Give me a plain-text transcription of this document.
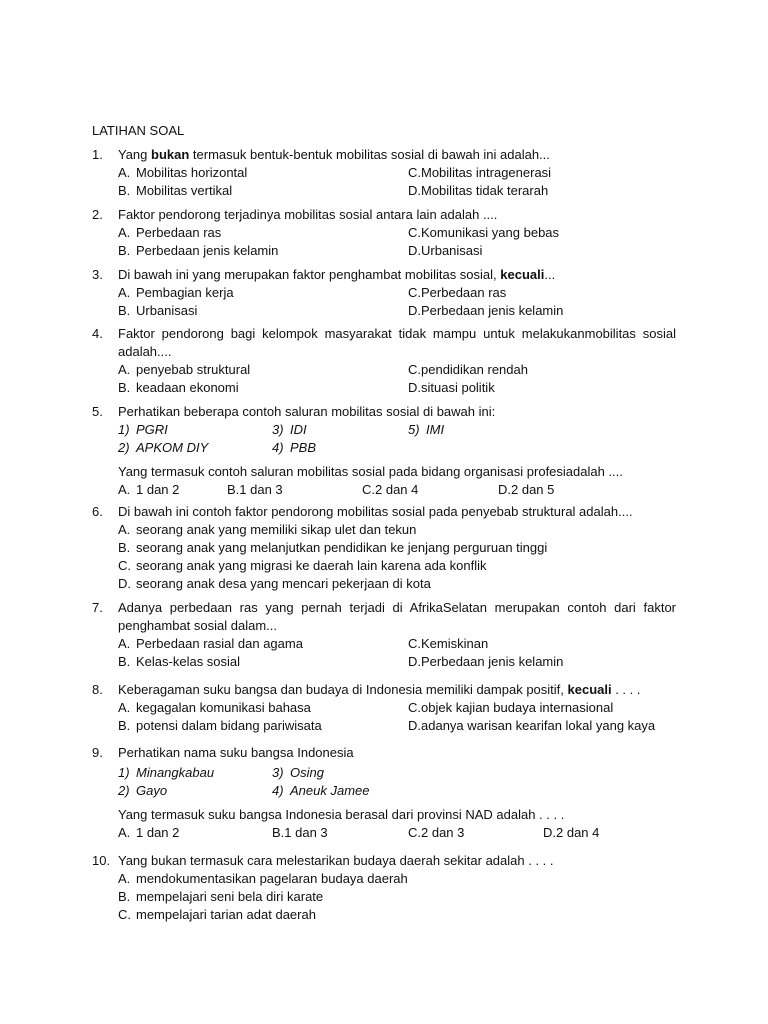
LATIHAN SOAL
1.	Yang bukan termasuk bentuk-bentuk mobilitas sosial di bawah ini adalah...
A. Mobilitas horizontal	C.Mobilitas intragenerasi
B. Mobilitas vertikal	D.Mobilitas tidak terarah
2.	Faktor pendorong terjadinya mobilitas sosial antara lain adalah ....
A. Perbedaan ras	C.Komunikasi yang bebas
B. Perbedaan jenis kelamin	D.Urbanisasi
3.	Di bawah ini yang merupakan faktor penghambat mobilitas sosial, kecuali...
A. Pembagian kerja	C.Perbedaan ras
B. Urbanisasi	D.Perbedaan jenis kelamin
4.	Faktor pendorong bagi kelompok masyarakat tidak mampu untuk melakukanmobilitas sosial adalah....
A. penyebab struktural	C.pendidikan rendah
B. keadaan ekonomi	D.situasi politik
5.	Perhatikan beberapa contoh saluran mobilitas sosial di bawah ini:
1) PGRI	3) IDI	5) IMI
2) APKOM DIY	4) PBB
Yang termasuk contoh saluran mobilitas sosial pada bidang organisasi profesiadalah ....
A. 1 dan 2	B.1 dan 3	C.2 dan 4	D.2 dan 5
6.	Di bawah ini contoh faktor pendorong mobilitas sosial pada penyebab struktural adalah....
A. seorang anak yang memiliki sikap ulet dan tekun
B. seorang anak yang melanjutkan pendidikan ke jenjang perguruan tinggi
C. seorang anak yang migrasi ke daerah lain karena ada konflik
D. seorang anak desa yang mencari pekerjaan di kota
7.	Adanya perbedaan ras yang pernah terjadi di AfrikaSelatan merupakan contoh dari faktor penghambat sosial dalam...
A. Perbedaan rasial dan agama	C.Kemiskinan
B. Kelas-kelas sosial	D.Perbedaan jenis kelamin
8.	Keberagaman suku bangsa dan budaya di Indonesia memiliki dampak positif, kecuali . . . .
A. kegagalan komunikasi bahasa	C.objek kajian budaya internasional
B. potensi dalam bidang pariwisata	D.adanya warisan kearifan lokal yang kaya
9.	Perhatikan nama suku bangsa Indonesia
1) Minangkabau	3) Osing
2) Gayo	4) Aneuk Jamee
Yang termasuk suku bangsa Indonesia berasal dari provinsi NAD adalah . . . .
A. 1 dan 2	B.1 dan 3	C.2 dan 3	D.2 dan 4
10. Yang bukan termasuk cara melestarikan budaya daerah sekitar adalah . . . .
A. mendokumentasikan pagelaran budaya daerah
B. mempelajari seni bela diri karate
C. mempelajari tarian adat daerah
